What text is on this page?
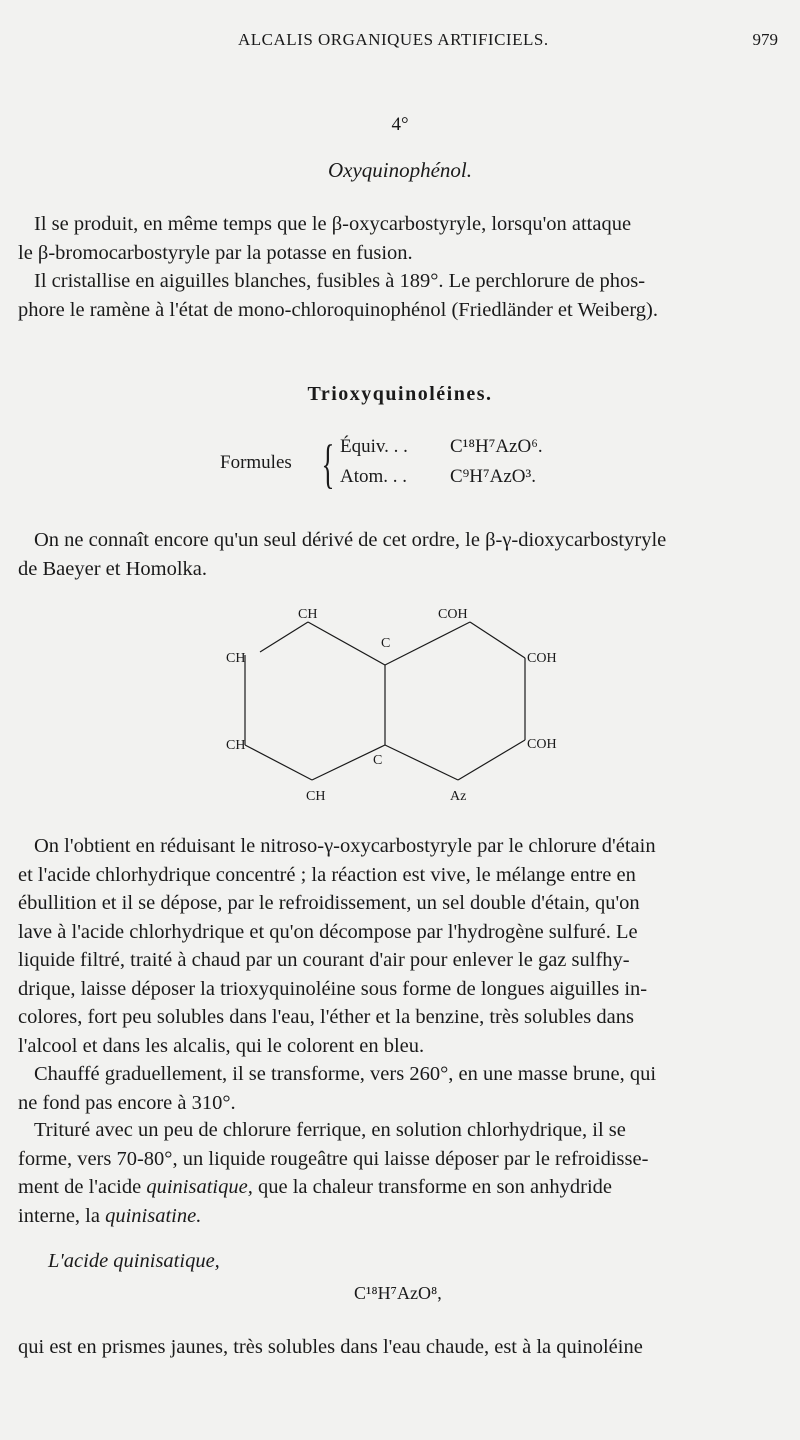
ALCALIS ORGANIQUES ARTIFICIELS.	979
4°
Oxyquinophénol.
Il se produit, en même temps que le β-oxycarbostyryle, lorsqu'on attaque
le β-bromocarbostyryle par la potasse en fusion.
Il cristallise en aiguilles blanches, fusibles à 189°. Le perchlorure de phos-
phore le ramène à l'état de mono-chloroquinophénol (Friedländer et Weiberg).
Trioxyquinoléines.
Formules { Équiv. . . C¹⁸H⁷AzO⁶.
Atom. . . C⁹H⁷AzO³.
On ne connaît encore qu'un seul dérivé de cet ordre, le β-γ-dioxycarbostyryle
de Baeyer et Homolka.
CH	COH
CH
CH
C
C
COH
COH
CH	Az
On l'obtient en réduisant le nitroso-γ-oxycarbostyryle par le chlorure d'étain
et l'acide chlorhydrique concentré ; la réaction est vive, le mélange entre en
ébullition et il se dépose, par le refroidissement, un sel double d'étain, qu'on
lave à l'acide chlorhydrique et qu'on décompose par l'hydrogène sulfuré. Le
liquide filtré, traité à chaud par un courant d'air pour enlever le gaz sulfhy-
drique, laisse déposer la trioxyquinoléine sous forme de longues aiguilles in-
colores, fort peu solubles dans l'eau, l'éther et la benzine, très solubles dans
l'alcool et dans les alcalis, qui le colorent en bleu.
Chauffé graduellement, il se transforme, vers 260°, en une masse brune, qui
ne fond pas encore à 310°.
Trituré avec un peu de chlorure ferrique, en solution chlorhydrique, il se
forme, vers 70-80°, un liquide rougeâtre qui laisse déposer par le refroidisse-
ment de l'acide quinisatique, que la chaleur transforme en son anhydride
interne, la quinisatine.
L'acide quinisatique,
C¹⁸H⁷AzO⁸,
qui est en prismes jaunes, très solubles dans l'eau chaude, est à la quinoléine
